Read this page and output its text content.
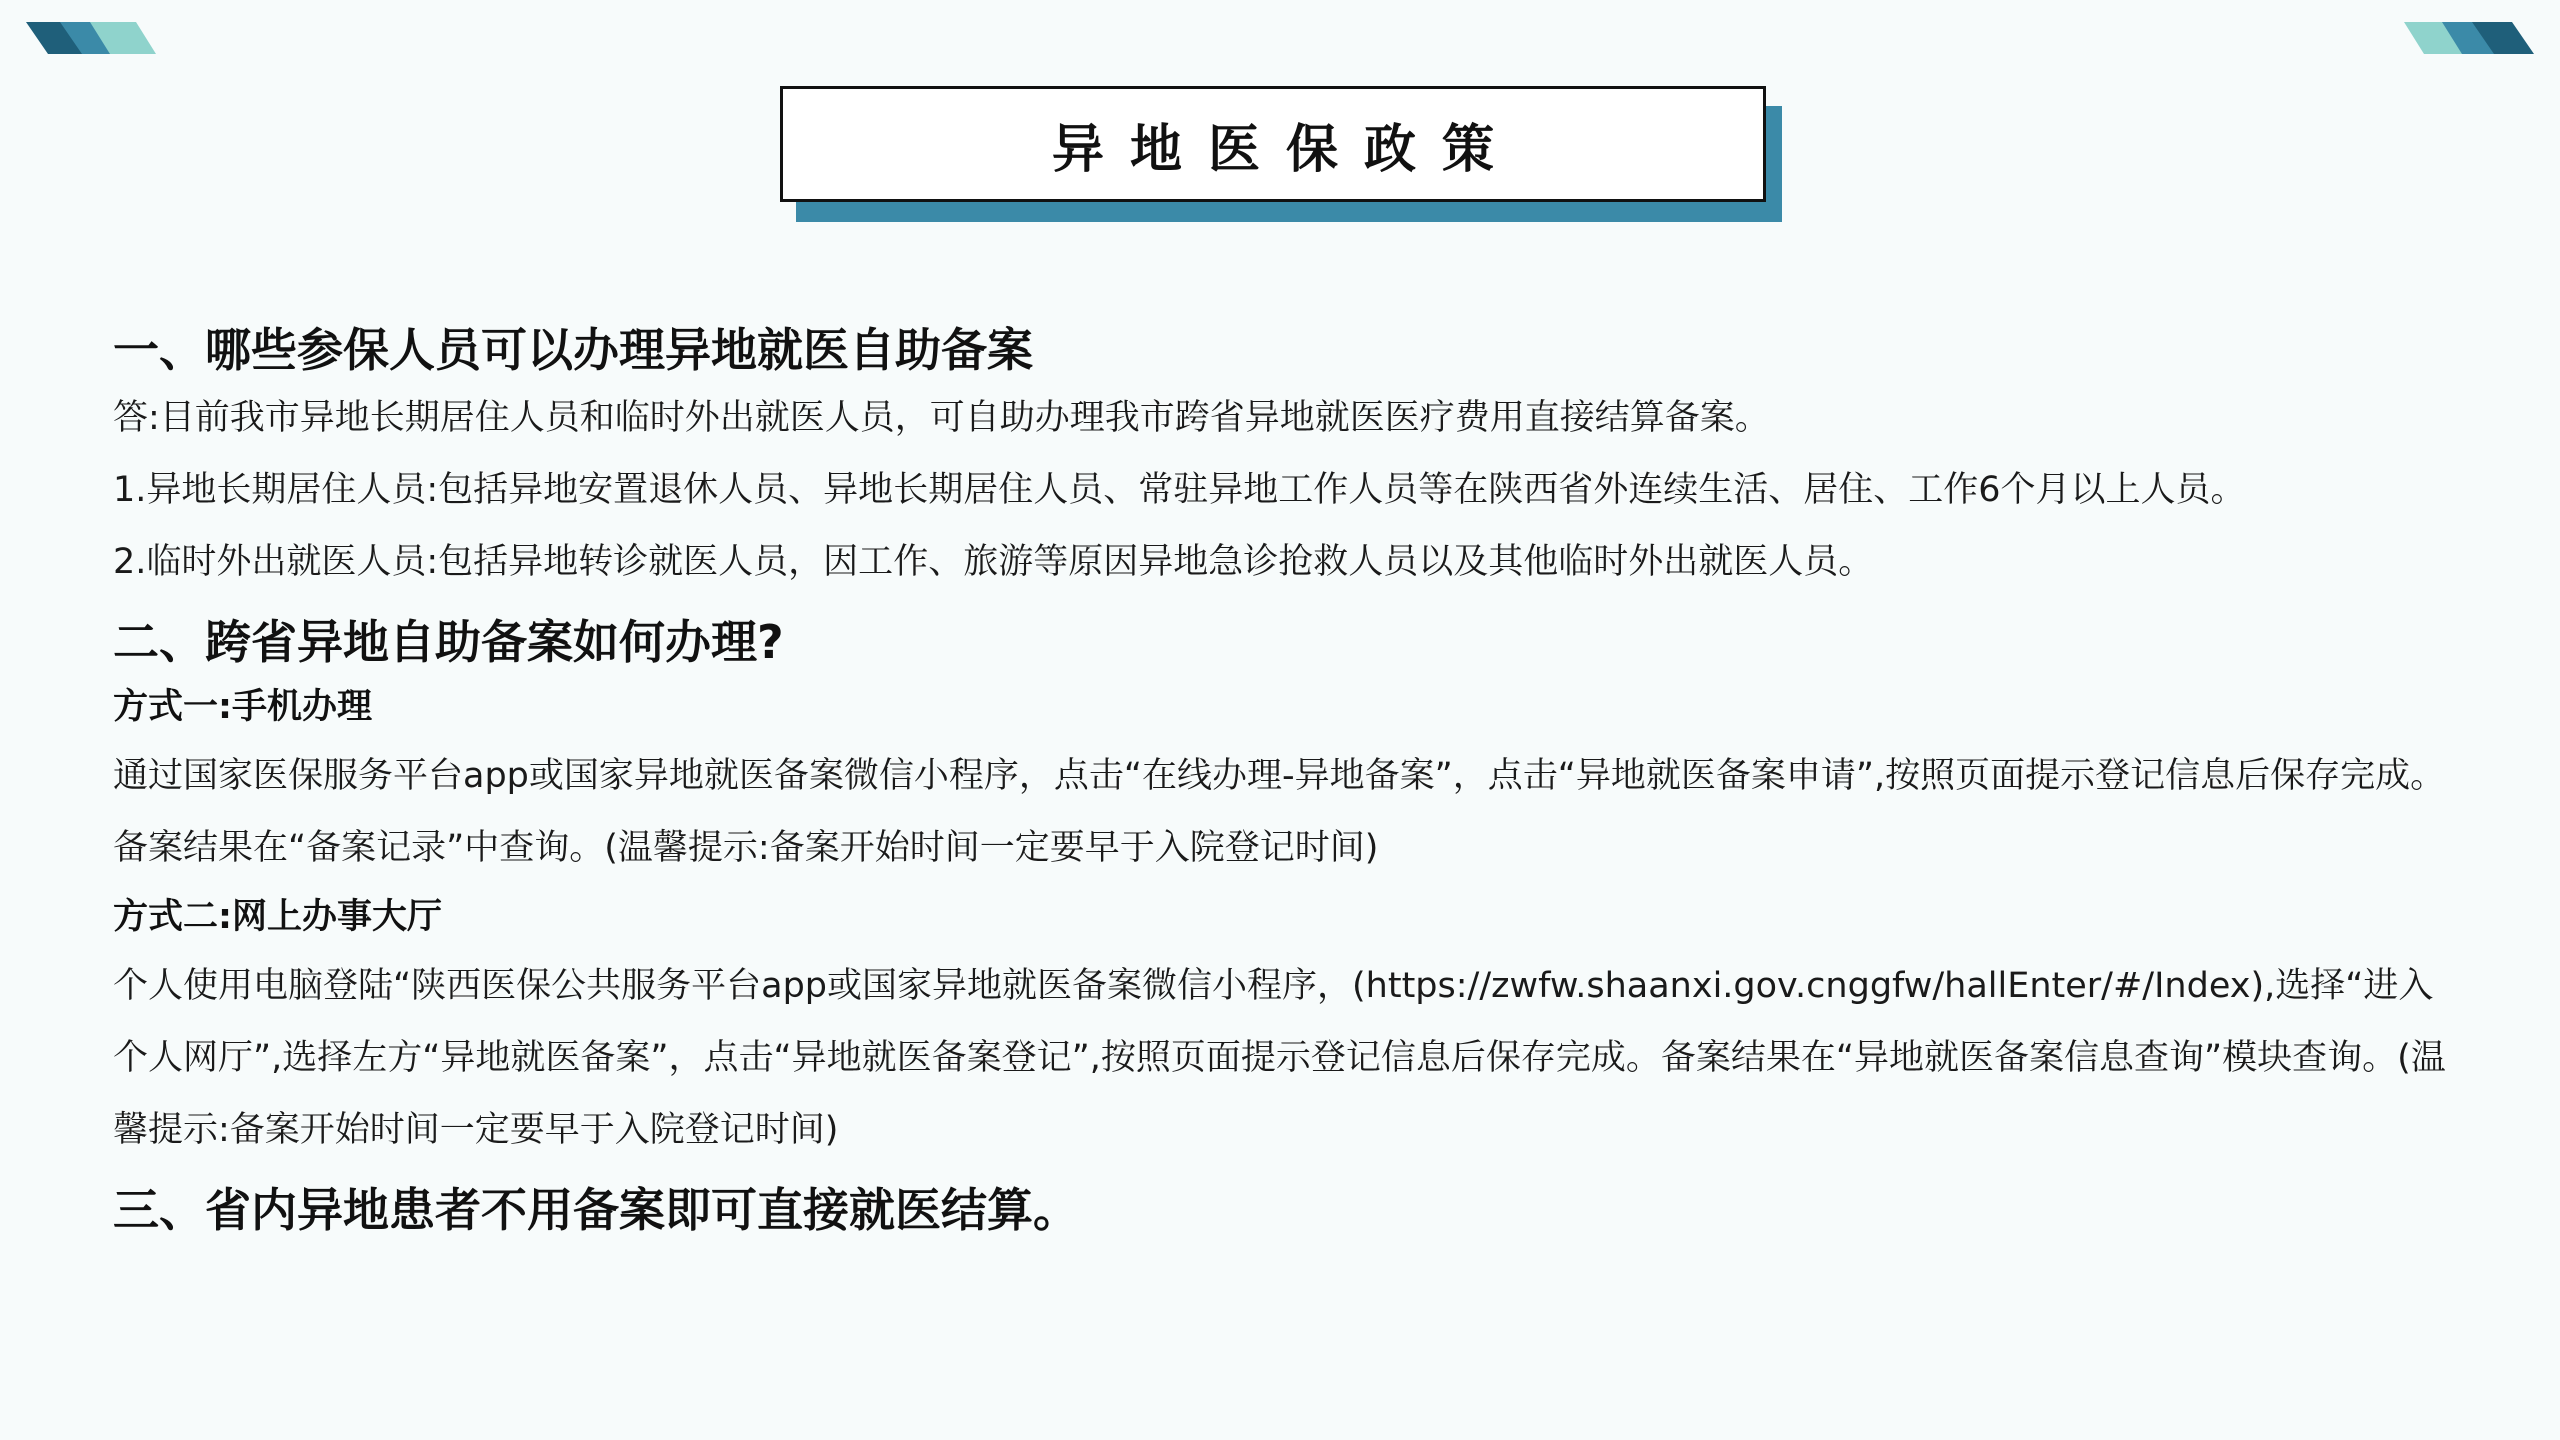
异地医保政策
一、哪些参保人员可以办理异地就医自助备案

答:目前我市异地长期居住人员和临时外出就医人员，可自助办理我市跨省异地就医医疗费用直接结算备案。

1.异地长期居住人员:包括异地安置退休人员、异地长期居住人员、常驻异地工作人员等在陕西省外连续生活、居住、工作6个月以上人员。

2.临时外出就医人员:包括异地转诊就医人员，因工作、旅游等原因异地急诊抢救人员以及其他临时外出就医人员。

二、跨省异地自助备案如何办理?

方式一:手机办理

通过国家医保服务平台app或国家异地就医备案微信小程序，点击“在线办理-异地备案”，点击“异地就医备案申请”,按照页面提示登记信息后保存完成。备案结果在“备案记录”中查询。(温馨提示:备案开始时间一定要早于入院登记时间)

方式二:网上办事大厅

个人使用电脑登陆“陕西医保公共服务平台app或国家异地就医备案微信小程序，(https://zwfw.shaanxi.gov.cnggfw/hallEnter/#/Index),选择“进入个人网厅”,选择左方“异地就医备案”，点击“异地就医备案登记”,按照页面提示登记信息后保存完成。备案结果在“异地就医备案信息查询”模块查询。(温馨提示:备案开始时间一定要早于入院登记时间)

三、省内异地患者不用备案即可直接就医结算。
